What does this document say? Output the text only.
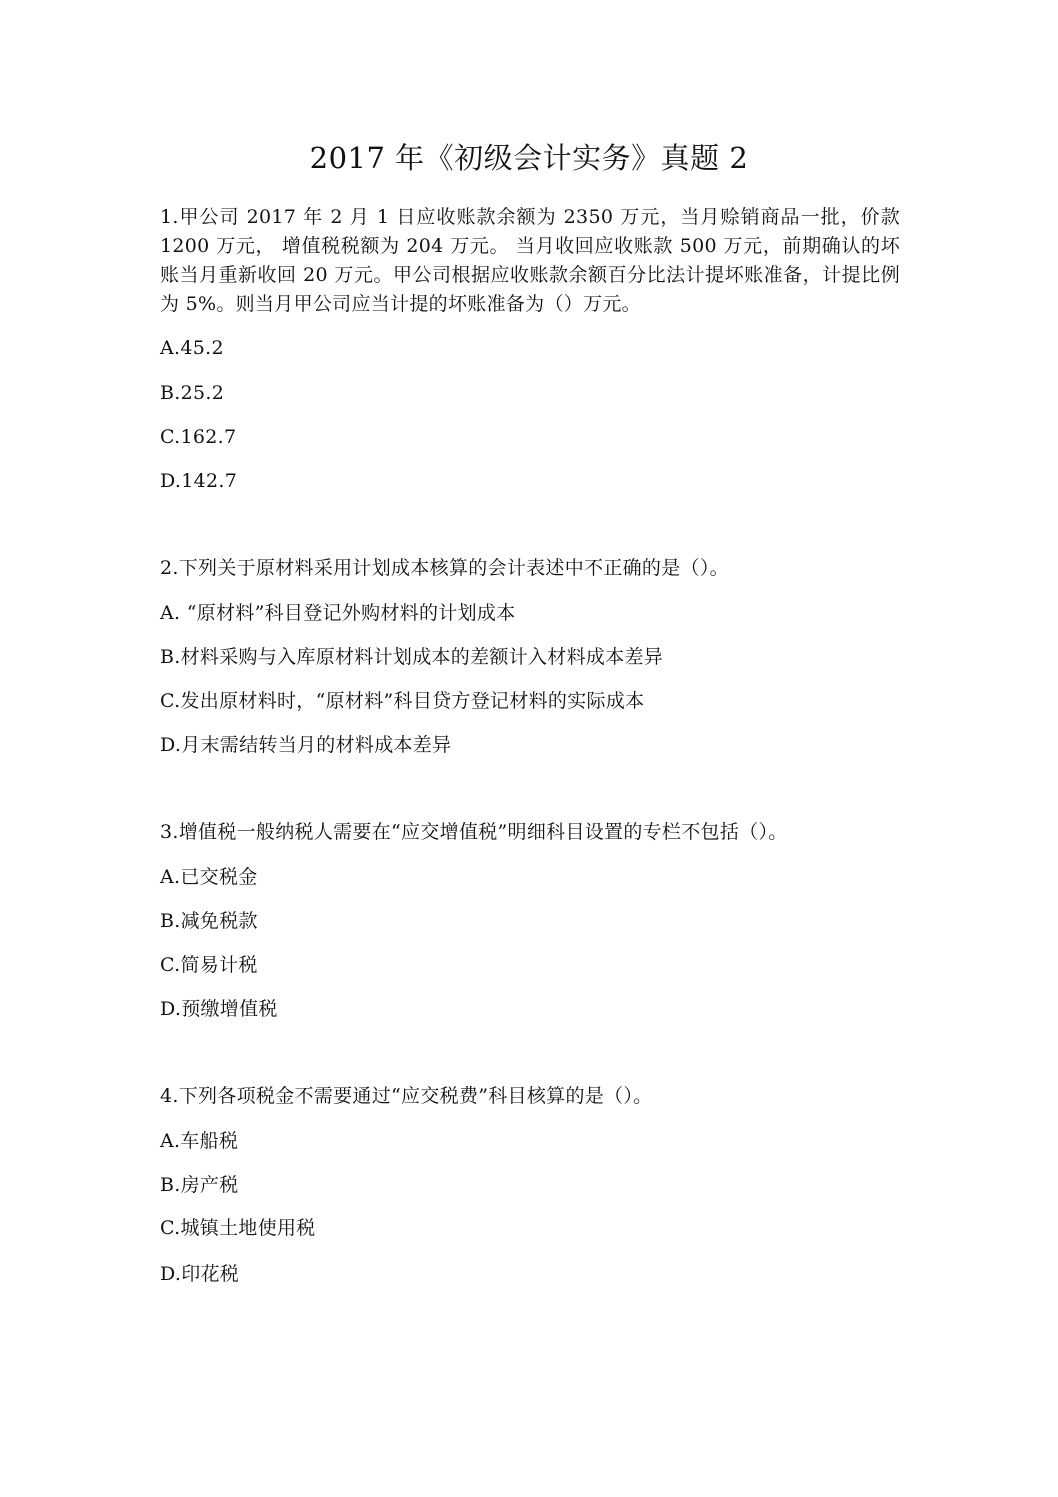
2017 年《初级会计实务》真题 2

1.甲公司 2017 年 2 月 1 日应收账款余额为 2350 万元，当月赊销商品一批，价款 1200 万元， 增值税税额为 204 万元。 当月收回应收账款 500 万元，前期确认的坏账当月重新收回 20 万元。甲公司根据应收账款余额百分比法计提坏账准备，计提比例为 5%。则当月甲公司应当计提的坏账准备为（）万元。

A.45.2

B.25.2

C.162.7

D.142.7

2.下列关于原材料采用计划成本核算的会计表述中不正确的是（）。

A. “原材料”科目登记外购材料的计划成本

B.材料采购与入库原材料计划成本的差额计入材料成本差异

C.发出原材料时，“原材料”科目贷方登记材料的实际成本

D.月末需结转当月的材料成本差异

3.增值税一般纳税人需要在“应交增值税”明细科目设置的专栏不包括（）。

A.已交税金

B.减免税款

C.简易计税

D.预缴增值税

4.下列各项税金不需要通过“应交税费”科目核算的是（）。

A.车船税

B.房产税

C.城镇土地使用税

D.印花税
